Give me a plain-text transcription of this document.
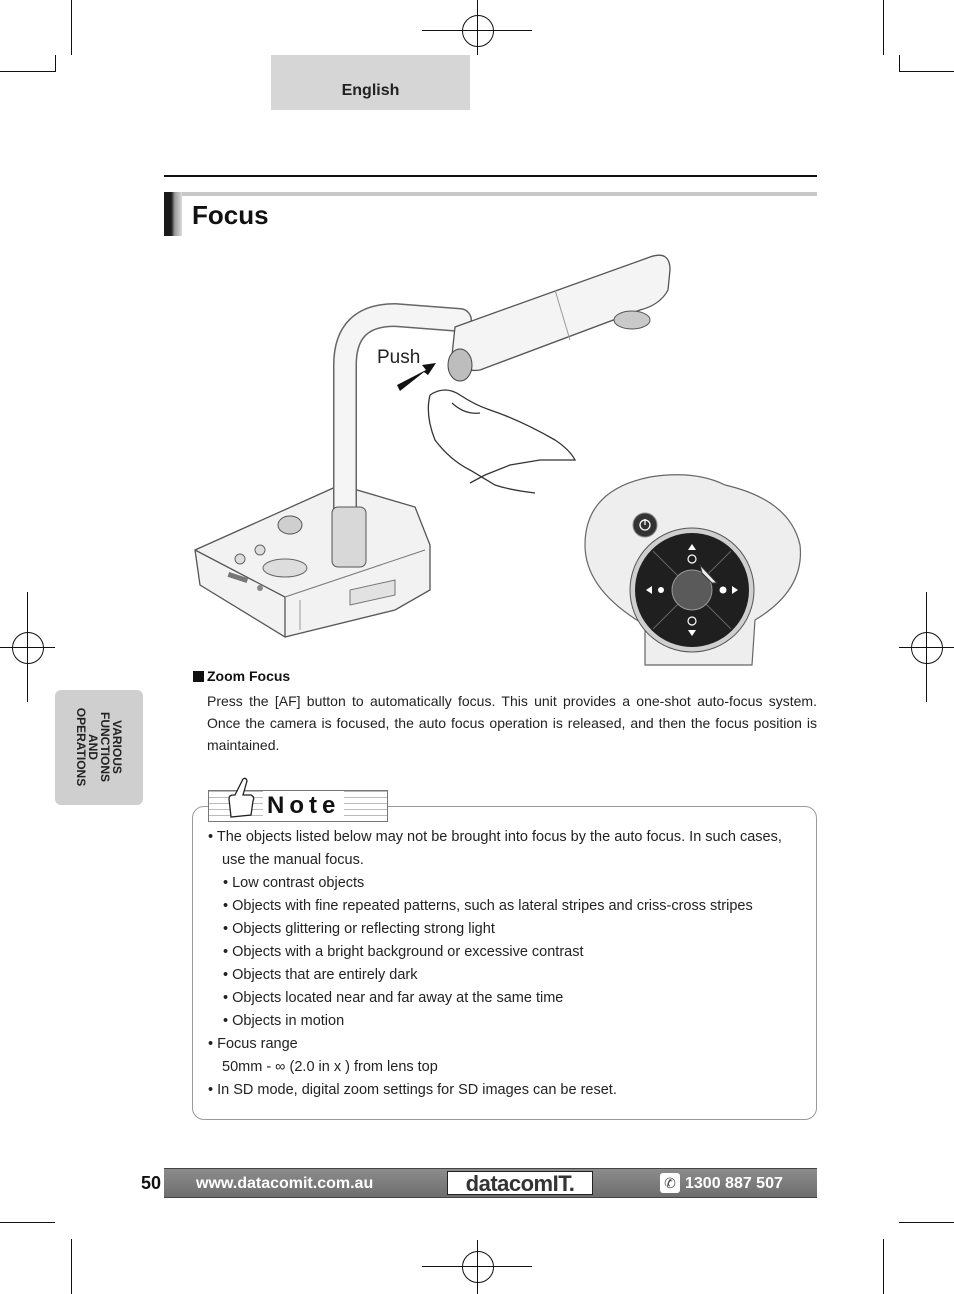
English
Focus
Push
VARIOUS
FUNCTIONS
AND
OPERATIONS
Zoom Focus
Press the [AF] button to automatically focus. This unit provides a one-shot auto-focus system. Once the camera is focused, the auto focus operation is released, and then the focus position is maintained.
Note
• The objects listed below may not be brought into focus by the auto focus. In such cases, use the manual focus.
• Low contrast objects
• Objects with fine repeated patterns, such as lateral stripes and criss-cross stripes
• Objects glittering or reflecting strong light
• Objects with a bright background or excessive contrast
• Objects that are entirely dark
• Objects located near and far away at the same time
• Objects in motion
• Focus range
50mm - ∞ (2.0 in x ) from lens top
• In SD mode, digital zoom settings for SD images can be reset.
50 www.datacomit.com.au	datacomIT.	✆ 1300 887 507
